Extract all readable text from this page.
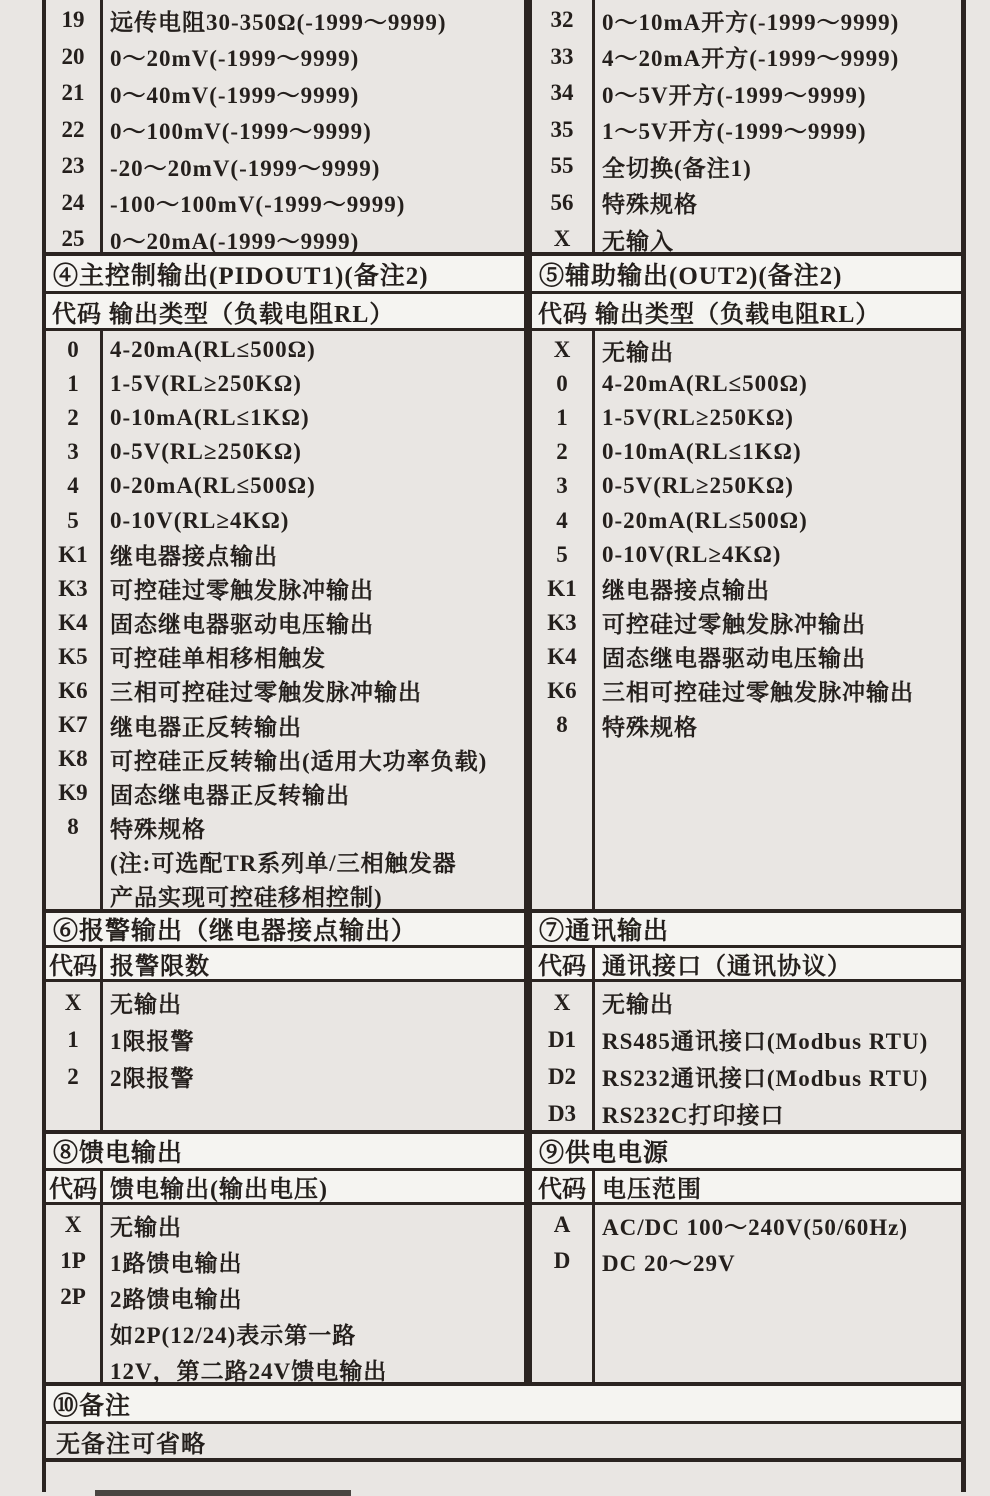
19	远传电阻30-350Ω(-1999～9999)
20	0～20mV(-1999～9999)
21	0～40mV(-1999～9999)
22	0～100mV(-1999～9999)
23	-20～20mV(-1999～9999)
24	-100～100mV(-1999～9999)
25	0～20mA(-1999～9999)
32	0～10mA开方(-1999～9999)
33	4～20mA开方(-1999～9999)
34	0～5V开方(-1999～9999)
35	1～5V开方(-1999～9999)
55	全切换(备注1)
56	特殊规格
X	无输入
④主控制输出(PIDOUT1)(备注2)	⑤辅助输出(OUT2)(备注2)
代码 输出类型（负载电阻RL）	代码 输出类型（负载电阻RL）
0	4-20mA(RL≤500Ω)
1	1-5V(RL≥250KΩ)
2	0-10mA(RL≤1KΩ)
3	0-5V(RL≥250KΩ)
4	0-20mA(RL≤500Ω)
5	0-10V(RL≥4KΩ)
K1 继电器接点输出
K3 可控硅过零触发脉冲输出
K4 固态继电器驱动电压输出
K5 可控硅单相移相触发
K6 三相可控硅过零触发脉冲输出
K7 继电器正反转输出
K8 可控硅正反转输出(适用大功率负载)
K9 固态继电器正反转输出
8	特殊规格
(注:可选配TR系列单/三相触发器
产品实现可控硅移相控制)
X	无输出
0	4-20mA(RL≤500Ω)
1	1-5V(RL≥250KΩ)
2	0-10mA(RL≤1KΩ)
3	0-5V(RL≥250KΩ)
4	0-20mA(RL≤500Ω)
5	0-10V(RL≥4KΩ)
K1	继电器接点输出
K3	可控硅过零触发脉冲输出
K4	固态继电器驱动电压输出
K6	三相可控硅过零触发脉冲输出
8	特殊规格
⑥报警输出（继电器接点输出）	⑦通讯输出
代码 报警限数	代码 通讯接口（通讯协议）
X	无输出
1	1限报警
2	2限报警
X	无输出
D1	RS485通讯接口(Modbus RTU)
D2	RS232通讯接口(Modbus RTU)
D3	RS232C打印接口
⑧馈电输出	⑨供电电源
代码 馈电输出(输出电压)	代码 电压范围
X	无输出
1P	1路馈电输出
2P	2路馈电输出
如2P(12/24)表示第一路
12V，第二路24V馈电输出
A	AC/DC 100～240V(50/60Hz)
D	DC 20～29V
⑩备注
无备注可省略
